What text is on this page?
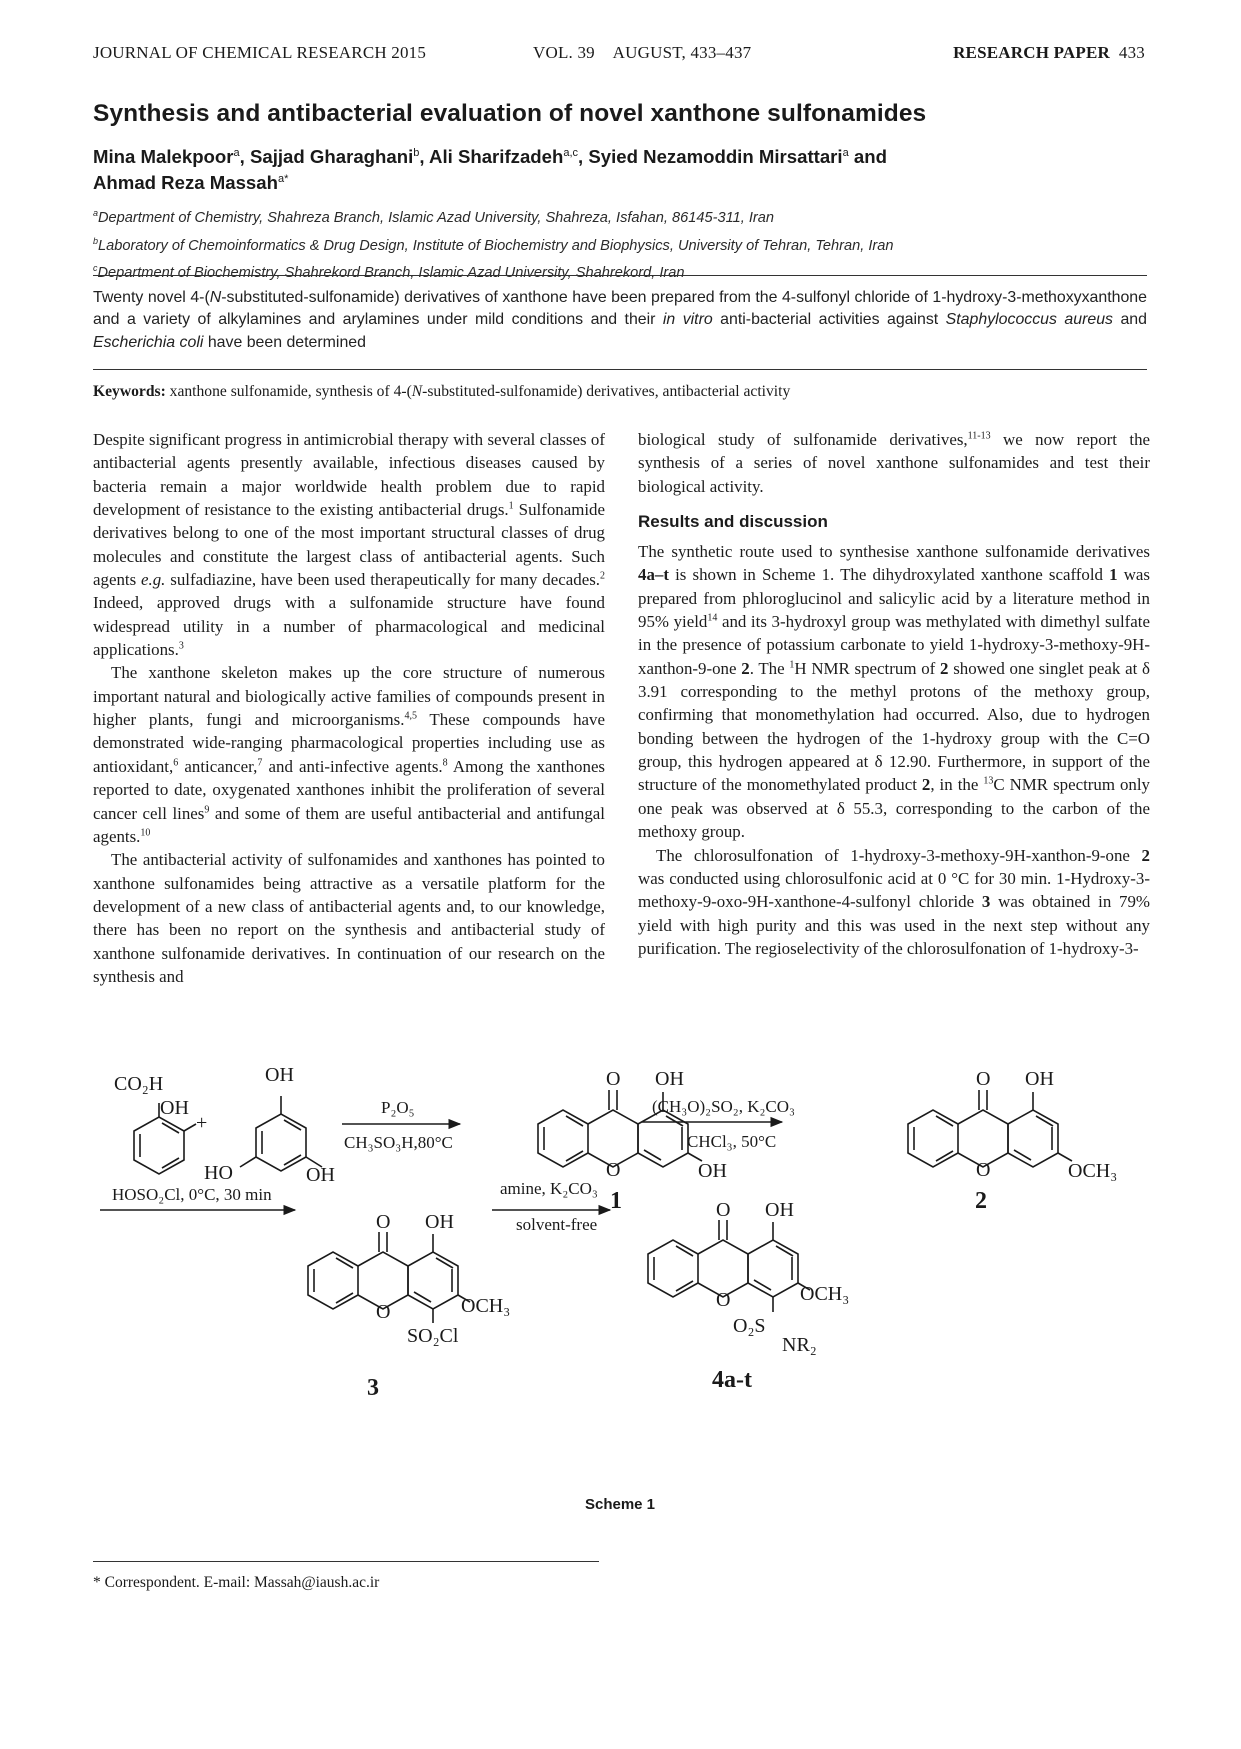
JOURNAL OF CHEMICAL RESEARCH 2015	VOL. 39 AUGUST, 433–437	RESEARCH PAPER 433
Synthesis and antibacterial evaluation of novel xanthone sulfonamides
Mina Malekpoor$^a$, Sajjad Gharaghani$^b$, Ali Sharifzadeh$^{a,c}$, Syied Nezamoddin Mirsattari$^a$ and
Ahmad Reza Massah$^{a*}$
$^a$Department of Chemistry, Shahreza Branch, Islamic Azad University, Shahreza, Isfahan, 86145-311, Iran
$^b$Laboratory of Chemoinformatics & Drug Design, Institute of Biochemistry and Biophysics, University of Tehran, Tehran, Iran
$^c$Department of Biochemistry, Shahrekord Branch, Islamic Azad University, Shahrekord, Iran
Twenty novel 4-(N-substituted-sulfonamide) derivatives of xanthone have been prepared from the 4-sulfonyl chloride of 1-hydroxy-3-methoxyxanthone and a variety of alkylamines and arylamines under mild conditions and their in vitro anti-bacterial activities against Staphylococcus aureus and Escherichia coli have been determined
Keywords: xanthone sulfonamide, synthesis of 4-(N-substituted-sulfonamide) derivatives, antibacterial activity

Despite significant progress in antimicrobial therapy with several classes of antibacterial agents presently available, infectious diseases caused by bacteria remain a major worldwide health problem due to rapid development of resistance to the existing antibacterial drugs.$^1$ Sulfonamide derivatives belong to one of the most important structural classes of drug molecules and constitute the largest class of antibacterial agents. Such agents e.g. sulfadiazine, have been used therapeutically for many decades.$^2$ Indeed, approved drugs with a sulfonamide structure have found widespread utility in a number of pharmacological and medicinal applications.$^3$

The xanthone skeleton makes up the core structure of numerous important natural and biologically active families of compounds present in higher plants, fungi and microorganisms.$^{4,5}$ These compounds have demonstrated wide-ranging pharmacological properties including use as antioxidant,$^6$ anticancer,$^7$ and anti-infective agents.$^8$ Among the xanthones reported to date, oxygenated xanthones inhibit the proliferation of several cancer cell lines$^9$ and some of them are useful antibacterial and antifungal agents.$^{10}$

The antibacterial activity of sulfonamides and xanthones has pointed to xanthone sulfonamides being attractive as a versatile platform for the development of a new class of antibacterial agents and, to our knowledge, there has been no report on the synthesis and antibacterial study of xanthone sulfonamide derivatives. In continuation of our research on the synthesis and

biological study of sulfonamide derivatives,$^{11-13}$ we now report the synthesis of a series of novel xanthone sulfonamides and test their biological activity.

Results and discussion

The synthetic route used to synthesise xanthone sulfonamide derivatives 4a–t is shown in Scheme 1. The dihydroxylated xanthone scaffold 1 was prepared from phloroglucinol and salicylic acid by a literature method in 95% yield$^{14}$ and its 3-hydroxyl group was methylated with dimethyl sulfate in the presence of potassium carbonate to yield 1-hydroxy-3-methoxy-9H-xanthon-9-one 2. The $^1$H NMR spectrum of 2 showed one singlet peak at δ 3.91 corresponding to the methyl protons of the methoxy group, confirming that monomethylation had occurred. Also, due to hydrogen bonding between the hydrogen of the 1-hydroxy group with the C=O group, this hydrogen appeared at δ 12.90. Furthermore, in support of the structure of the monomethylated product 2, in the $^{13}$C NMR spectrum only one peak was observed at δ 55.3, corresponding to the carbon of the methoxy group.

The chlorosulfonation of 1-hydroxy-3-methoxy-9H-xanthon-9-one 2 was conducted using chlorosulfonic acid at 0 °C for 30 min. 1-Hydroxy-3-methoxy-9-oxo-9H-xanthone-4-sulfonyl chloride 3 was obtained in 79% yield with high purity and this was used in the next step without any purification. The regioselectivity of the chlorosulfonation of 1-hydroxy-3-

CO₂H
OH
+
OH
HO	OH
P₂O₅
CH₃SO₃H,80°C
O OH
O	OH
1
(CH₃O)₂SO₂, K₂CO₃
CHCl₃, 50°C
O OH
O	OCH₃
2
HOSO₂Cl, 0°C, 30 min
O OH
O	OCH₃
SO₂Cl
3
amine, K₂CO₃
solvent-free
O OH
O	OCH₃
O₂S
NR₂
4a-t
Scheme 1
* Correspondent. E-mail: Massah@iaush.ac.ir
